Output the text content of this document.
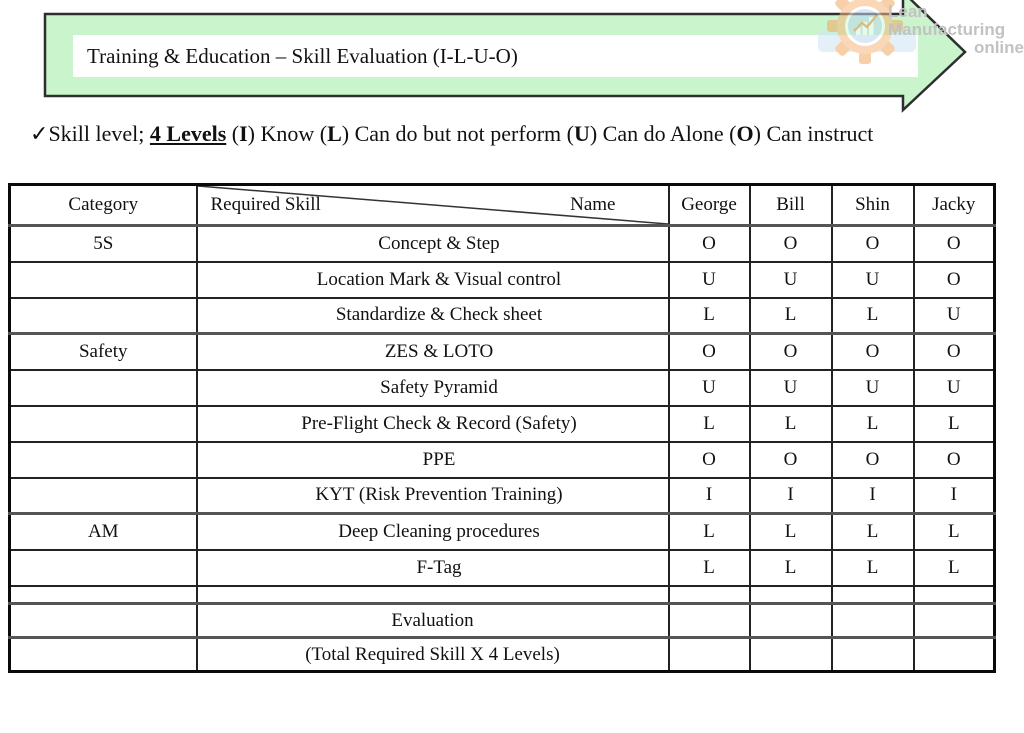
Lean
Manufacturing
online
Training & Education – Skill Evaluation (I-L-U-O)
✓Skill level; 4 Levels (I) Know (L) Can do but not perform (U) Can do Alone (O) Can instruct
Category	Required Skill Name	George	Bill	Shin	Jacky
5S	Concept & Step	O	O	O	O
	Location Mark & Visual control	U	U	U	O
	Standardize & Check sheet	L	L	L	U
Safety	ZES & LOTO	O	O	O	O
	Safety Pyramid	U	U	U	U
	Pre-Flight Check & Record (Safety)	L	L	L	L
	PPE	O	O	O	O
	KYT (Risk Prevention Training)	I	I	I	I
AM	Deep Cleaning procedures	L	L	L	L
	F-Tag	L	L	L	L

	Evaluation				
	(Total Required Skill X 4 Levels)				
